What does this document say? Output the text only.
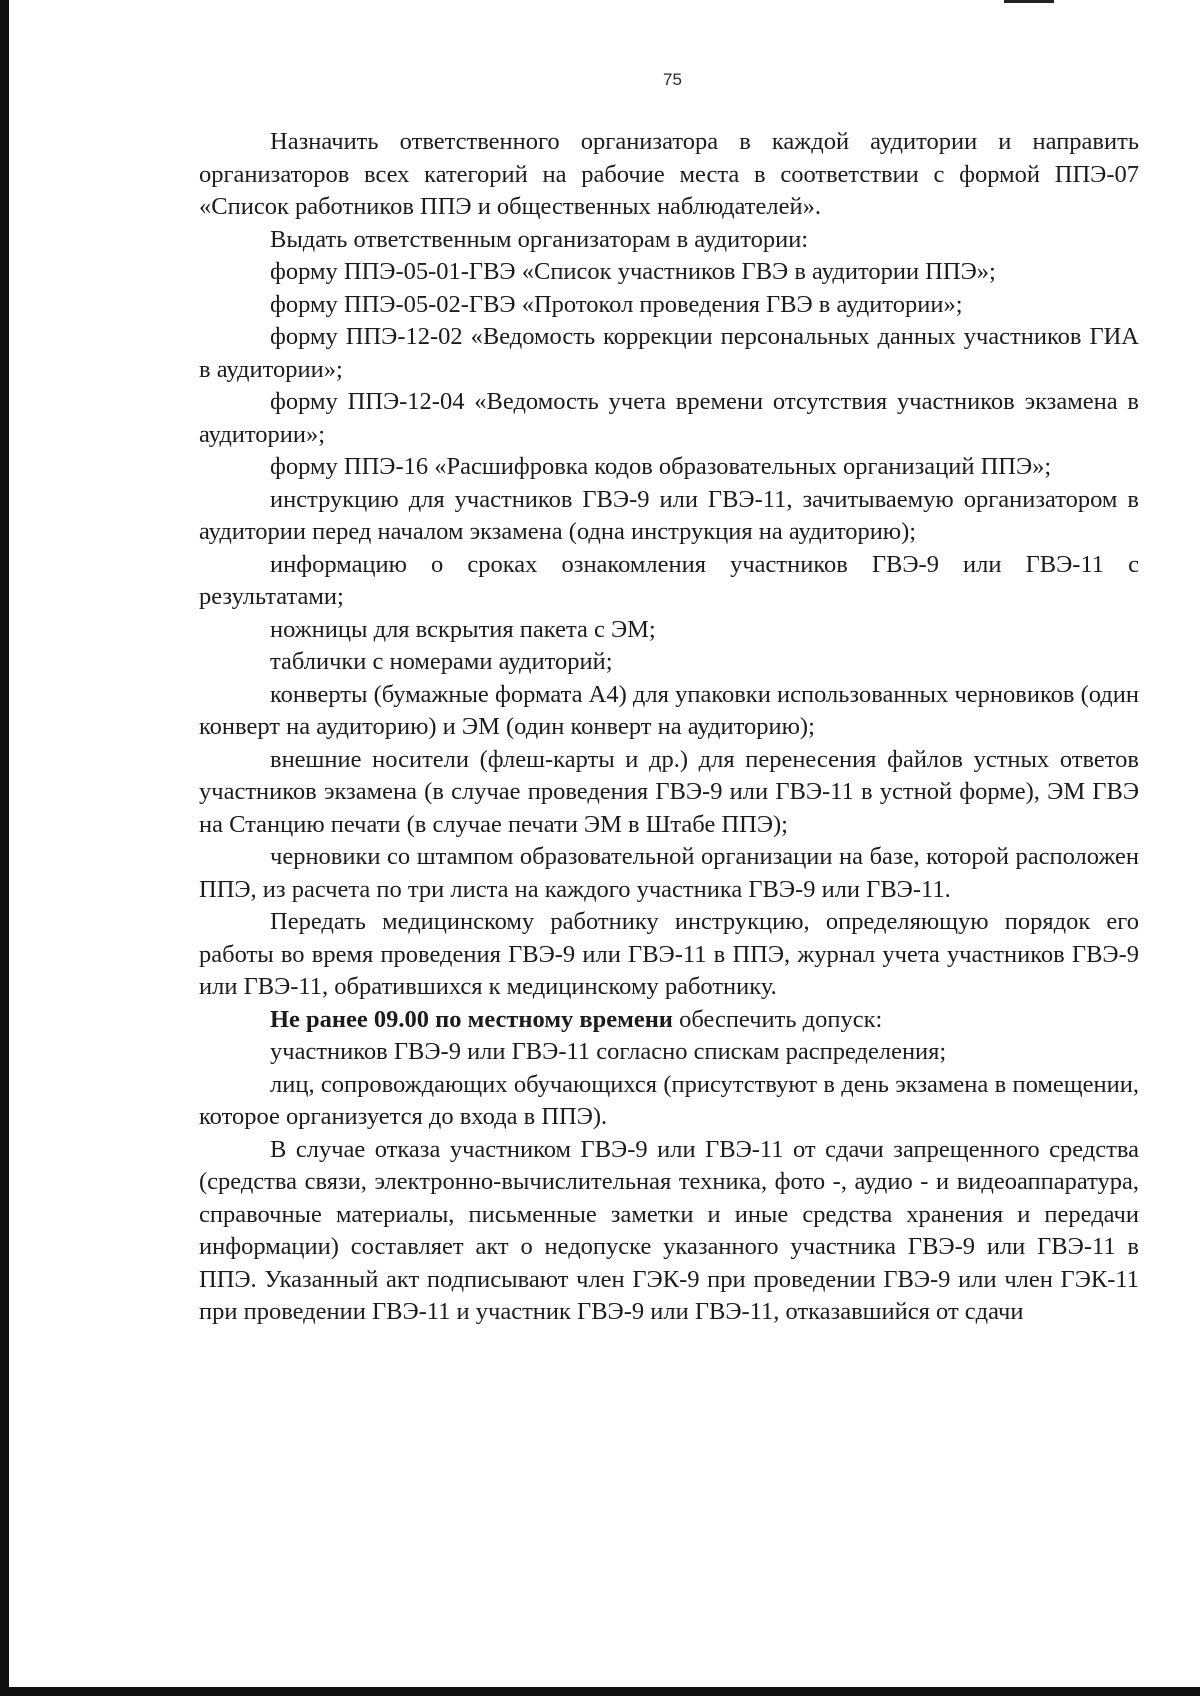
75

Назначить ответственного организатора в каждой аудитории и направить организаторов всех категорий на рабочие места в соответствии с формой ППЭ-07 «Список работников ППЭ и общественных наблюдателей».

Выдать ответственным организаторам в аудитории:

форму ППЭ-05-01-ГВЭ «Список участников ГВЭ в аудитории ППЭ»;

форму ППЭ-05-02-ГВЭ «Протокол проведения ГВЭ в аудитории»;

форму ППЭ-12-02 «Ведомость коррекции персональных данных участников ГИА в аудитории»;

форму ППЭ-12-04 «Ведомость учета времени отсутствия участников экзамена в аудитории»;

форму ППЭ-16 «Расшифровка кодов образовательных организаций ППЭ»;

инструкцию для участников ГВЭ-9 или ГВЭ-11, зачитываемую организатором в аудитории перед началом экзамена (одна инструкция на аудиторию);

информацию о сроках ознакомления участников ГВЭ-9 или ГВЭ-11 с результатами;

ножницы для вскрытия пакета с ЭМ;

таблички с номерами аудиторий;

конверты (бумажные формата А4) для упаковки использованных черновиков (один конверт на аудиторию) и ЭМ (один конверт на аудиторию);

внешние носители (флеш-карты и др.) для перенесения файлов устных ответов участников экзамена (в случае проведения ГВЭ-9 или ГВЭ-11 в устной форме), ЭМ ГВЭ на Станцию печати (в случае печати ЭМ в Штабе ППЭ);

черновики со штампом образовательной организации на базе, которой расположен ППЭ, из расчета по три листа на каждого участника ГВЭ-9 или ГВЭ-11.

Передать медицинскому работнику инструкцию, определяющую порядок его работы во время проведения ГВЭ-9 или ГВЭ-11 в ППЭ, журнал учета участников ГВЭ-9 или ГВЭ-11, обратившихся к медицинскому работнику.

Не ранее 09.00 по местному времени обеспечить допуск:

участников ГВЭ-9 или ГВЭ-11 согласно спискам распределения;

лиц, сопровождающих обучающихся (присутствуют в день экзамена в помещении, которое организуется до входа в ППЭ).

В случае отказа участником ГВЭ-9 или ГВЭ-11 от сдачи запрещенного средства (средства связи, электронно-вычислительная техника, фото -, аудио - и видеоаппаратура, справочные материалы, письменные заметки и иные средства хранения и передачи информации) составляет акт о недопуске указанного участника ГВЭ-9 или ГВЭ-11 в ППЭ. Указанный акт подписывают член ГЭК-9 при проведении ГВЭ-9 или член ГЭК-11 при проведении ГВЭ-11 и участник ГВЭ-9 или ГВЭ-11, отказавшийся от сдачи
